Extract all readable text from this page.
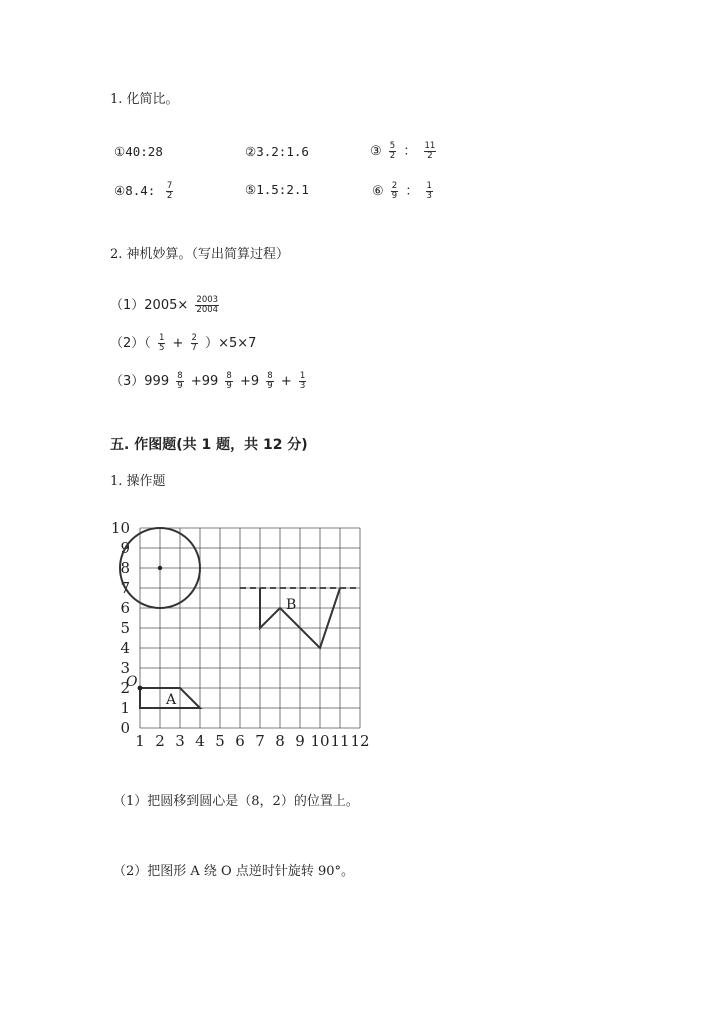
1. 化简比。
①40:28	②3.2:1.6	③ $\frac{5}{2}$ ： $\frac{11}{2}$
④8.4: $\frac{7}{2}$	⑤1.5:2.1	⑥ $\frac{2}{9}$ ： $\frac{1}{3}$
2. 神机妙算。（写出简算过程）
$(1)2005\times \frac{2003}{2004}$
$(2)( \frac{1}{5} + \frac{2}{7} )\times 5\times 7$
$(3)999 \frac{8}{9} +99 \frac{8}{9} +9 \frac{8}{9} + \frac{1}{3}$
五. 作图题(共 1 题，共 12 分)
1. 操作题
1 2 3 4 5 6 7 8 9 10 11 12
0
1
2
3
4
5
6
7
8
9
10
B
A
O
（1）把圆移到圆心是（8，2）的位置上。
（2）把图形 A 绕 O 点逆时针旋转 90°。
